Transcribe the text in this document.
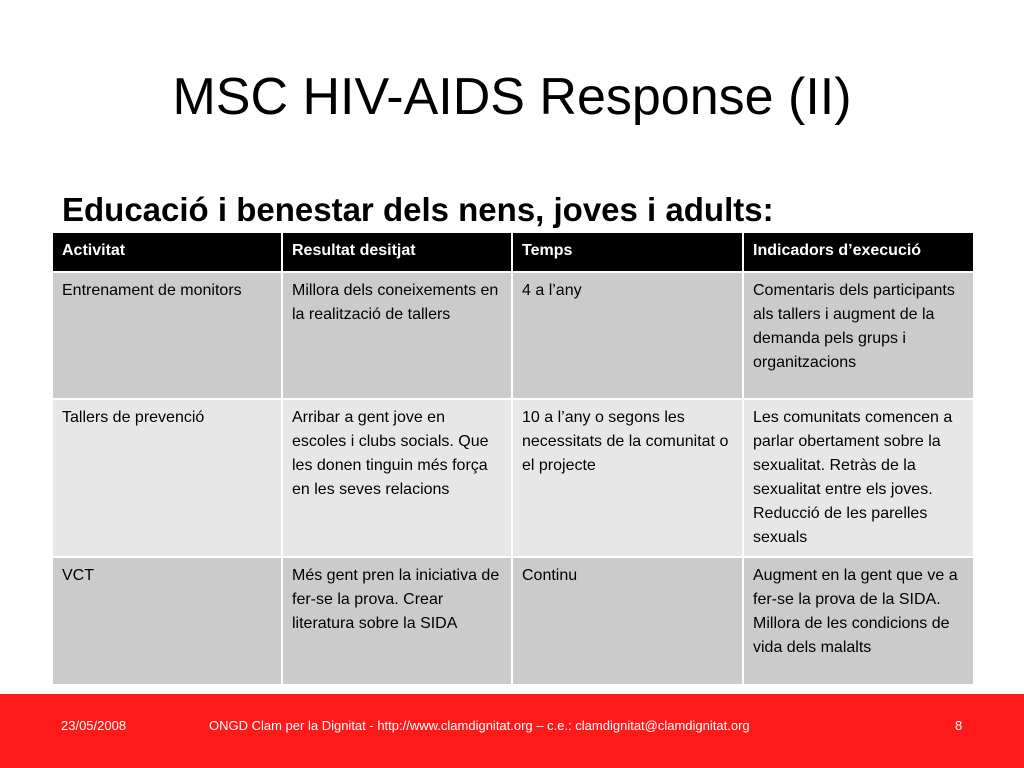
MSC HIV-AIDS Response (II)
Educació i benestar dels nens, joves i adults:
Activitat	Resultat desitjat	Temps	Indicadors d’execució
Entrenament de monitors	Millora dels coneixements en la realització de tallers	4 a l’any	Comentaris dels participants als tallers i augment de la demanda pels grups i organitzacions
Tallers de prevenció	Arribar a gent jove en escoles i clubs socials. Que les donen tinguin més força en les seves relacions	10 a l’any o segons les necessitats de la comunitat o el projecte	Les comunitats comencen a parlar obertament sobre la sexualitat. Retràs de la sexualitat entre els joves. Reducció de les parelles sexuals
VCT	Més gent pren la iniciativa de fer-se la prova. Crear literatura sobre la SIDA	Continu	Augment en la gent que ve a fer-se la prova de la SIDA. Millora de les condicions de vida dels malalts
23/05/2008	ONGD Clam per la Dignitat - http://www.clamdignitat.org – c.e.: clamdignitat@clamdignitat.org	8
